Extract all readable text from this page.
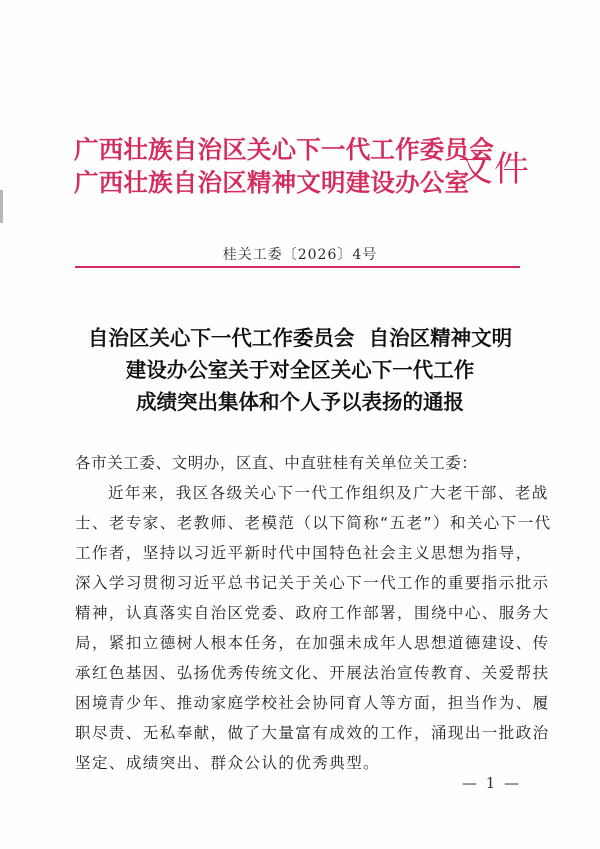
广西壮族自治区关心下一代工作委员会
广西壮族自治区精神文明建设办公室
文件
桂关工委〔2026〕4号
自治区关心下一代工作委员会  自治区精神文明
建设办公室关于对全区关心下一代工作
成绩突出集体和个人予以表扬的通报
各市关工委、文明办，区直、中直驻桂有关单位关工委：
近年来，我区各级关心下一代工作组织及广大老干部、老战
士、老专家、老教师、老模范（以下简称“五老”）和关心下一代
工作者，坚持以习近平新时代中国特色社会主义思想为指导，
深入学习贯彻习近平总书记关于关心下一代工作的重要指示批示
精神，认真落实自治区党委、政府工作部署，围绕中心、服务大
局，紧扣立德树人根本任务，在加强未成年人思想道德建设、传
承红色基因、弘扬优秀传统文化、开展法治宣传教育、关爱帮扶
困境青少年、推动家庭学校社会协同育人等方面，担当作为、履
职尽责、无私奉献，做了大量富有成效的工作，涌现出一批政治
坚定、成绩突出、群众公认的优秀典型。
— 1 —
